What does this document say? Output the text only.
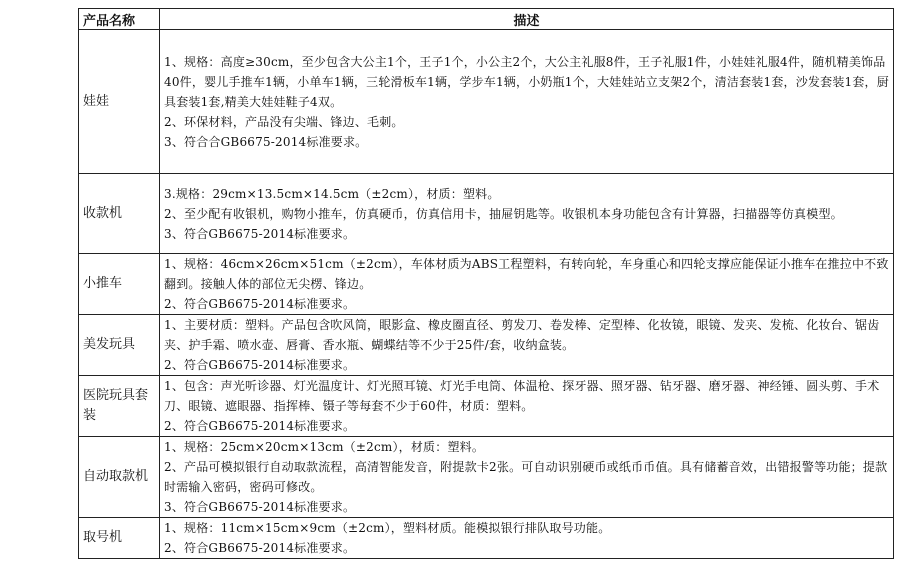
产品名称	描述
娃娃	1、规格：高度≥30cm，至少包含大公主1个，王子1个，小公主2个，大公主礼服8件，王子礼服1件，小娃娃礼服4件，随机精美饰品40件，婴儿手推车1辆，小单车1辆，三轮滑板车1辆，学步车1辆，小奶瓶1个，大娃娃站立支架2个，清洁套装1套，沙发套装1套，厨具套装1套,精美大娃娃鞋子4双。
2、环保材料，产品没有尖端、锋边、毛刺。
3、符合合GB6675-2014标准要求。

收款机	3.规格：29cm×13.5cm×14.5cm（±2cm），材质：塑料。
2、至少配有收银机，购物小推车，仿真硬币，仿真信用卡，抽屉钥匙等。收银机本身功能包含有计算器，扫描器等仿真模型。
3、符合GB6675-2014标准要求。

小推车	1、规格：46cm×26cm×51cm（±2cm），车体材质为ABS工程塑料，有转向轮，车身重心和四轮支撑应能保证小推车在推拉中不致翻到。接触人体的部位无尖楞、锋边。
2、符合GB6675-2014标准要求。

美发玩具	1、主要材质：塑料。产品包含吹风筒，眼影盒、橡皮圈直径、剪发刀、卷发棒、定型棒、化妆镜，眼镜、发夹、发梳、化妆台、锯齿夹、护手霜、喷水壶、唇膏、香水瓶、蝴蝶结等不少于25件/套，收纳盒装。
2、符合GB6675-2014标准要求。

医院玩具套装	1、包含：声光听诊器、灯光温度计、灯光照耳镜、灯光手电筒、体温枪、探牙器、照牙器、钻牙器、磨牙器、神经锤、圆头剪、手术刀、眼镜、遮眼器、指挥棒、镊子等每套不少于60件，材质：塑料。
2、符合GB6675-2014标准要求。

自动取款机	1、规格：25cm×20cm×13cm（±2cm），材质：塑料。
2、产品可模拟银行自动取款流程，高清智能发音，附提款卡2张。可自动识别硬币或纸币币值。具有储蓄音效，出错报警等功能；提款时需输入密码，密码可修改。
3、符合GB6675-2014标准要求。

取号机	1、规格：11cm×15cm×9cm（±2cm），塑料材质。能模拟银行排队取号功能。
2、符合GB6675-2014标准要求。
